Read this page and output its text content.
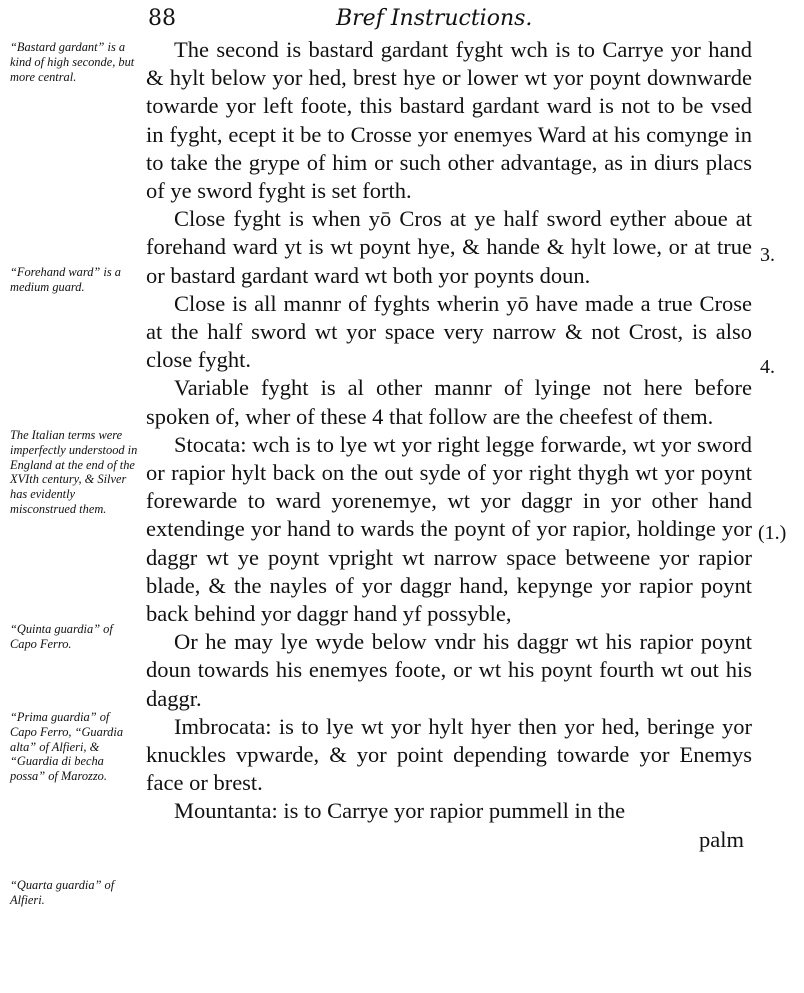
88	Bref Instructions.
“Bastard gardant” is a kind of high seconde, but more central.
“Forehand ward” is a medium guard.
The Italian terms were imperfectly understood in England at the end of the XVIth century, & Silver has evidently misconstrued them.
“Quinta guardia” of Capo Ferro.
“Prima guardia” of Capo Ferro, “Guardia alta” of Alfieri, & “Guardia di becha possa” of Marozzo.
“Quarta guardia” of Alfieri.
3.
4.
(1.)

The second is bastard gardant fyght wch is to Carrye yor hand & hylt below yor hed, brest hye or lower wt yor poynt downwarde towarde yor left foote, this bastard gardant ward is not to be vsed in fyght, ecept it be to Crosse yor enemyes Ward at his comynge in to take the grype of him or such other advantage, as in diurs placs of ye sword fyght is set forth.

Close fyght is when yō Cros at ye half sword eyther aboue at forehand ward yt is wt poynt hye, & hande & hylt lowe, or at true or bastard gardant ward wt both yor poynts doun.

Close is all mannr of fyghts wherin yō have made a true Crose at the half sword wt yor space very narrow & not Crost, is also close fyght.

Variable fyght is al other mannr of lyinge not here before spoken of, wher of these 4 that follow are the cheefest of them.

Stocata: wch is to lye wt yor right legge forwarde, wt yor sword or rapior hylt back on the out syde of yor right thygh wt yor poynt forewarde to ward yorenemye, wt yor daggr in yor other hand extendinge yor hand to wards the poynt of yor rapior, holdinge yor daggr wt ye poynt vpright wt narrow space betweene yor rapior blade, & the nayles of yor daggr hand, kepynge yor rapior poynt back behind yor daggr hand yf possyble,

Or he may lye wyde below vndr his daggr wt his rapior poynt doun towards his enemyes foote, or wt his poynt fourth wt out his daggr.

Imbrocata: is to lye wt yor hylt hyer then yor hed, beringe yor knuckles vpwarde, & yor point depending towarde yor Enemys face or brest.

Mountanta: is to Carrye yor rapior pummell in the

palm
